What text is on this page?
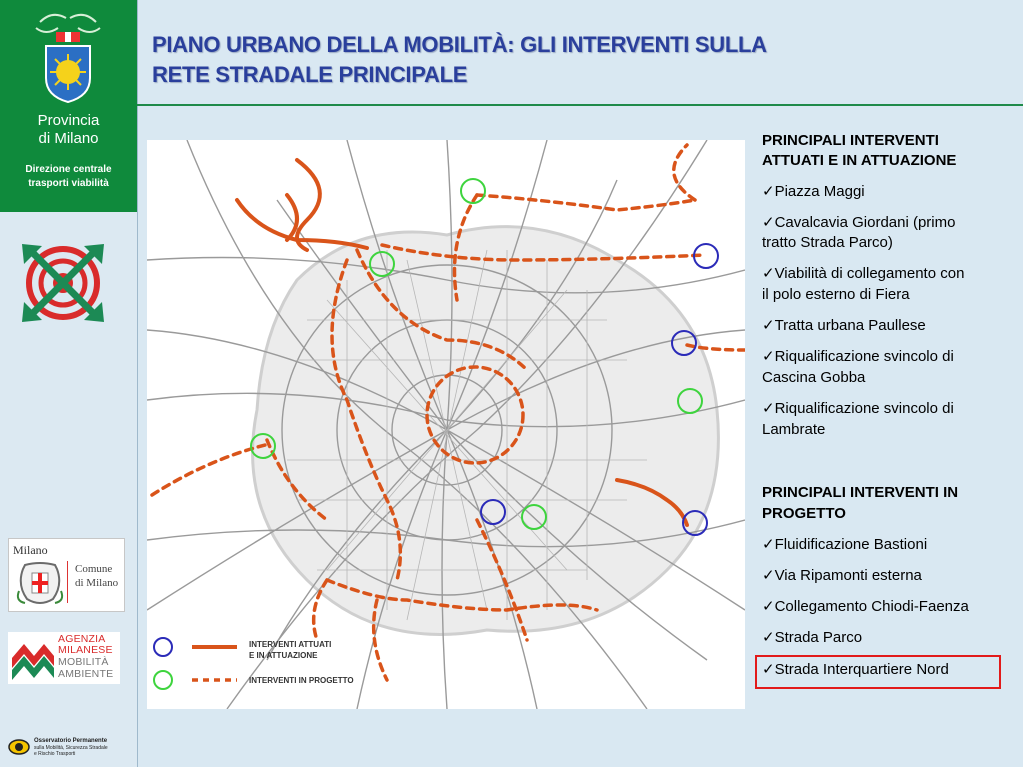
Provincia
di Milano
Direzione centrale
trasporti viabilità
Milano
Comune
di Milano
AGENZIA
MILANESE
MOBILITÀ
AMBIENTE
Osservatorio Permanente
sulla Mobilità, Sicurezza Stradale
e Rischio Trasporti
PIANO URBANO DELLA MOBILITÀ: GLI INTERVENTI SULLA
RETE STRADALE PRINCIPALE
INTERVENTI ATTUATI
E IN ATTUAZIONE
INTERVENTI IN PROGETTO
PRINCIPALI INTERVENTI
ATTUATI E IN ATTUAZIONE
✓Piazza Maggi
✓Cavalcavia Giordani (primo
tratto Strada Parco)
✓Viabilità di collegamento con
il polo esterno di Fiera
✓Tratta urbana Paullese
✓Riqualificazione svincolo di
Cascina Gobba
✓Riqualificazione svincolo di
Lambrate
PRINCIPALI INTERVENTI IN
PROGETTO
✓Fluidificazione Bastioni
✓Via Ripamonti esterna
✓Collegamento Chiodi-Faenza
✓Strada Parco
✓Strada Interquartiere Nord
